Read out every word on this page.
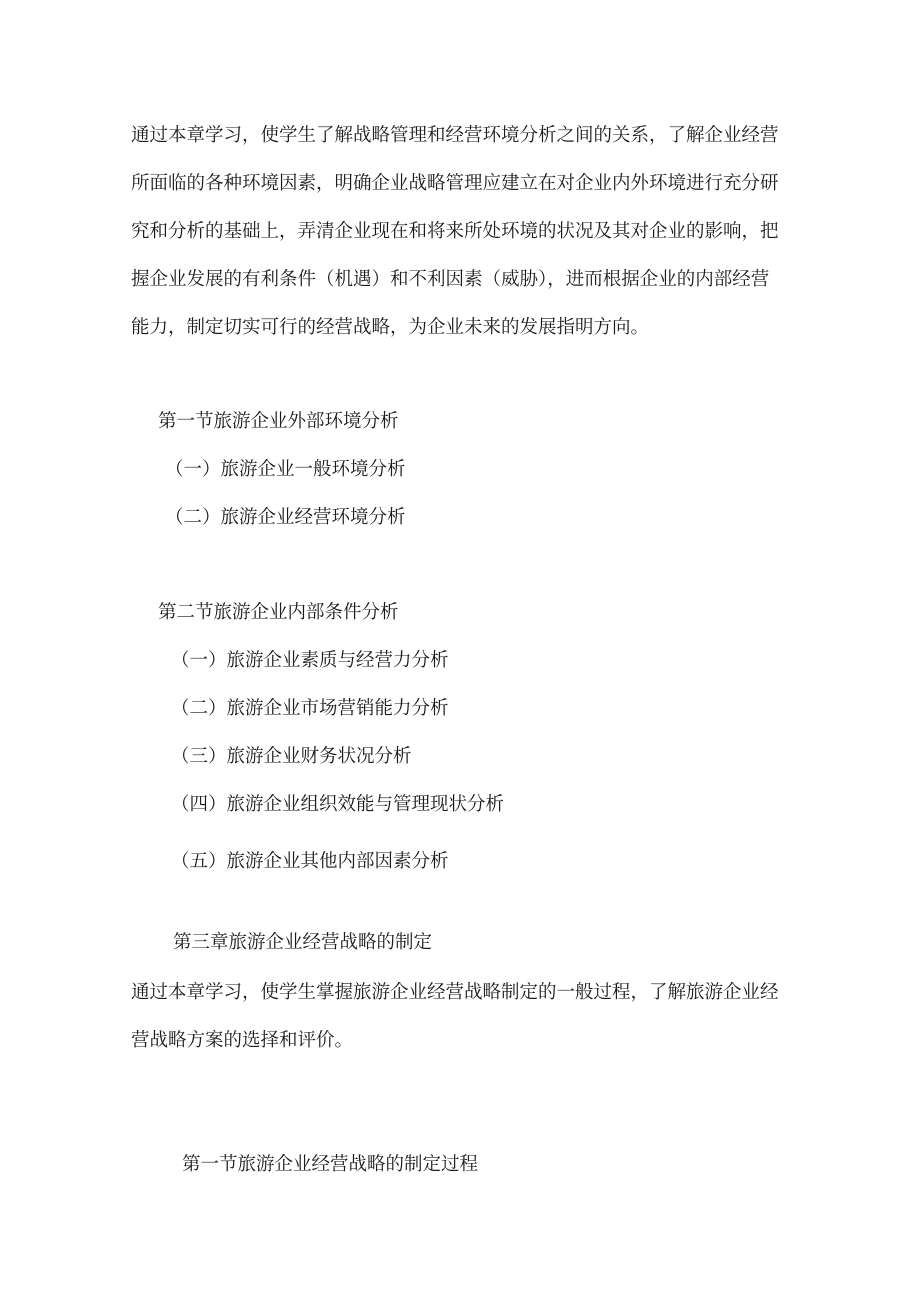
通过本章学习，使学生了解战略管理和经营环境分析之间的关系，了解企业经营
所面临的各种环境因素，明确企业战略管理应建立在对企业内外环境进行充分研
究和分析的基础上，弄清企业现在和将来所处环境的状况及其对企业的影响，把
握企业发展的有利条件（机遇）和不利因素（威胁），进而根据企业的内部经营
能力，制定切实可行的经营战略，为企业未来的发展指明方向。
第一节旅游企业外部环境分析
（一）旅游企业一般环境分析
（二）旅游企业经营环境分析
第二节旅游企业内部条件分析
（一）旅游企业素质与经营力分析
（二）旅游企业市场营销能力分析
（三）旅游企业财务状况分析
（四）旅游企业组织效能与管理现状分析
（五）旅游企业其他内部因素分析
第三章旅游企业经营战略的制定
通过本章学习，使学生掌握旅游企业经营战略制定的一般过程，了解旅游企业经
营战略方案的选择和评价。
第一节旅游企业经营战略的制定过程
